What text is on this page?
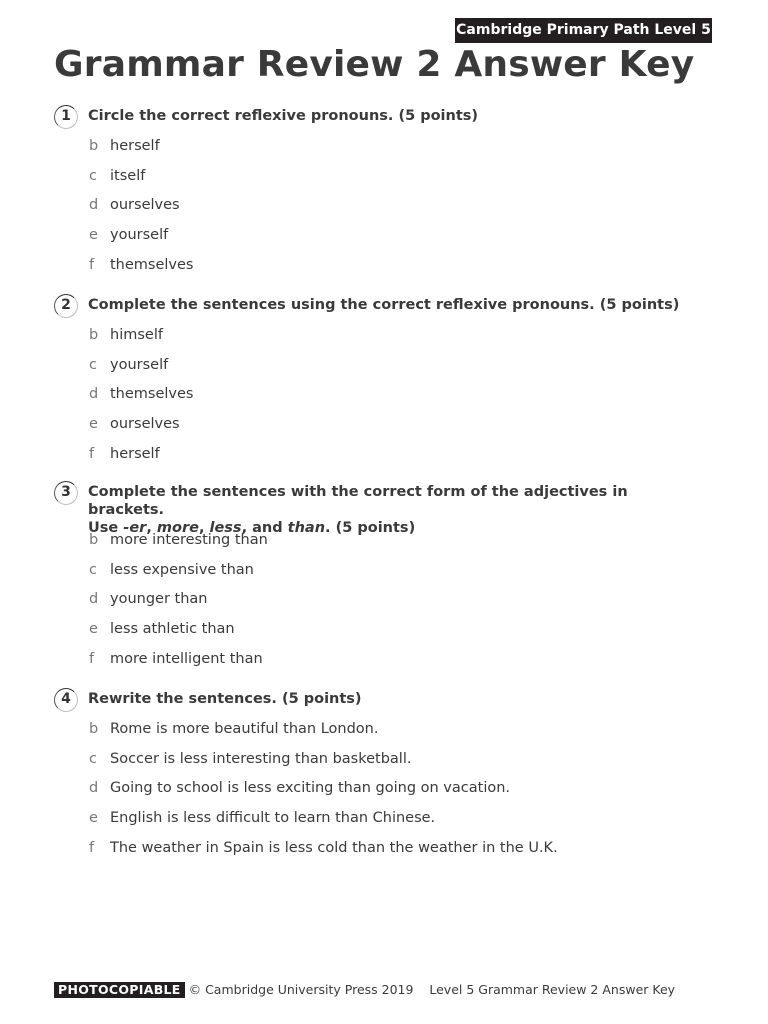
Cambridge Primary Path Level 5
Grammar Review 2 Answer Key
1	Circle the correct reflexive pronouns. (5 points)
b herself
c itself
d ourselves
e yourself
f themselves
2	Complete the sentences using the correct reflexive pronouns. (5 points)
b himself
c yourself
d themselves
e ourselves
f herself
3	Complete the sentences with the correct form of the adjectives in brackets.
Use -er, more, less, and than. (5 points)
b more interesting than
c less expensive than
d younger than
e less athletic than
f more intelligent than
4	Rewrite the sentences. (5 points)
b Rome is more beautiful than London.
c Soccer is less interesting than basketball.
d Going to school is less exciting than going on vacation.
e English is less difficult to learn than Chinese.
f The weather in Spain is less cold than the weather in the U.K.
PHOTOCOPIABLE © Cambridge University Press 2019 Level 5 Grammar Review 2 Answer Key
